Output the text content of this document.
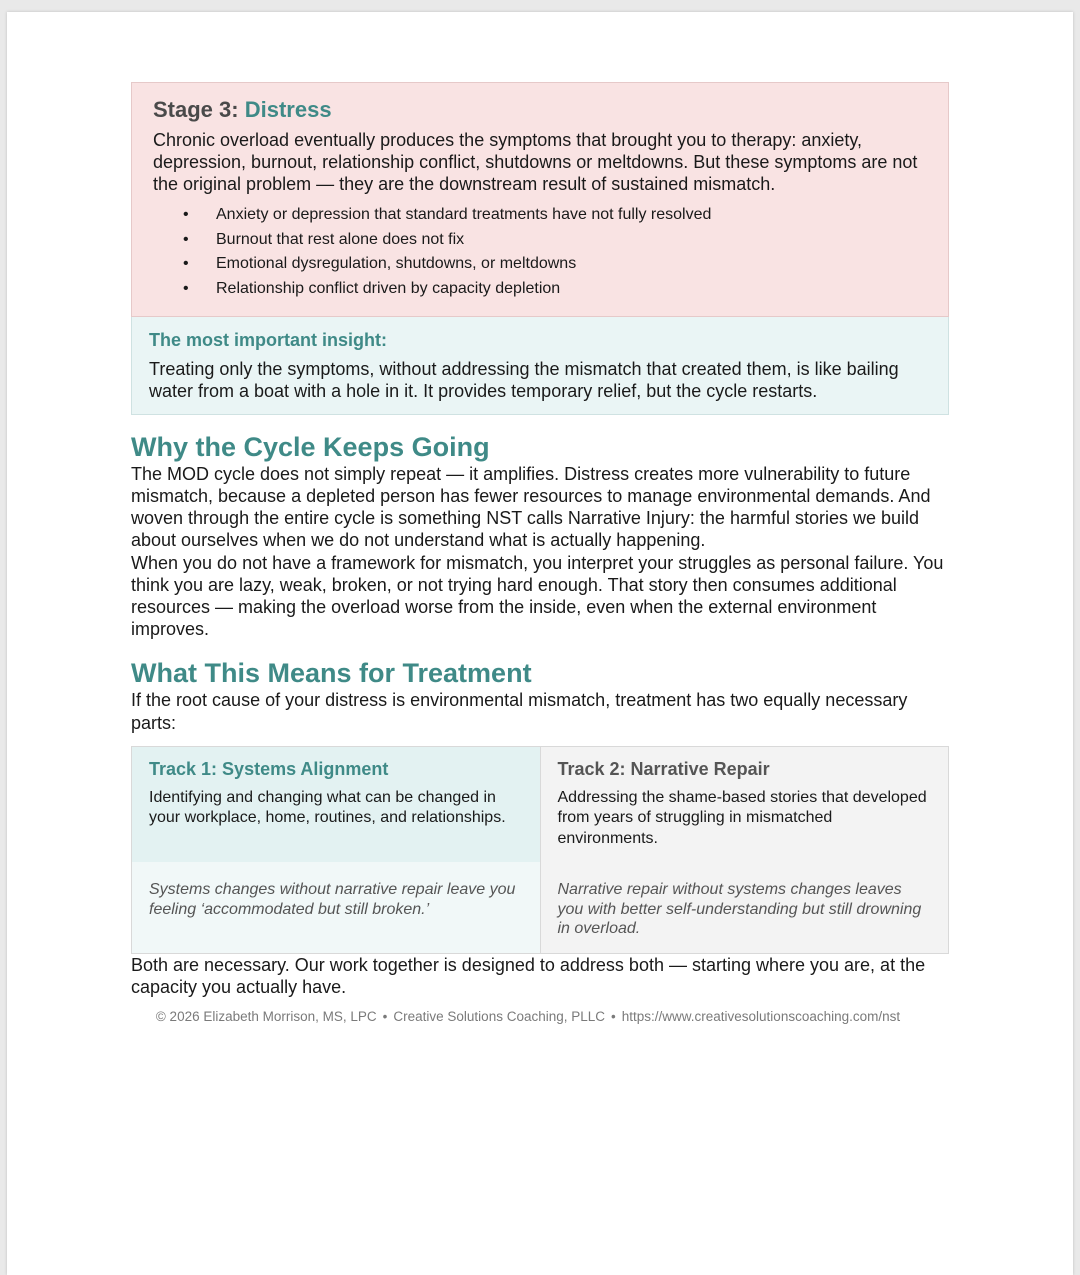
Stage 3: Distress

Chronic overload eventually produces the symptoms that brought you to therapy: anxiety, depression, burnout, relationship conflict, shutdowns or meltdowns. But these symptoms are not the original problem — they are the downstream result of sustained mismatch.

• Anxiety or depression that standard treatments have not fully resolved
• Burnout that rest alone does not fix
• Emotional dysregulation, shutdowns, or meltdowns
• Relationship conflict driven by capacity depletion
The most important insight:

Treating only the symptoms, without addressing the mismatch that created them, is like bailing water from a boat with a hole in it. It provides temporary relief, but the cycle restarts.

Why the Cycle Keeps Going

The MOD cycle does not simply repeat — it amplifies. Distress creates more vulnerability to future mismatch, because a depleted person has fewer resources to manage environmental demands. And woven through the entire cycle is something NST calls Narrative Injury: the harmful stories we build about ourselves when we do not understand what is actually happening.

When you do not have a framework for mismatch, you interpret your struggles as personal failure. You think you are lazy, weak, broken, or not trying hard enough. That story then consumes additional resources — making the overload worse from the inside, even when the external environment improves.

What This Means for Treatment

If the root cause of your distress is environmental mismatch, treatment has two equally necessary parts:

Track 1: Systems Alignment

Identifying and changing what can be changed in your workplace, home, routines, and relationships.

Systems changes without narrative repair leave you feeling ‘accommodated but still broken.’

Track 2: Narrative Repair

Addressing the shame-based stories that developed from years of struggling in mismatched environments.

Narrative repair without systems changes leaves you with better self-understanding but still drowning in overload.

Both are necessary. Our work together is designed to address both — starting where you are, at the capacity you actually have.

© 2026 Elizabeth Morrison, MS, LPC • Creative Solutions Coaching, PLLC • https://www.creativesolutionscoaching.com/nst
